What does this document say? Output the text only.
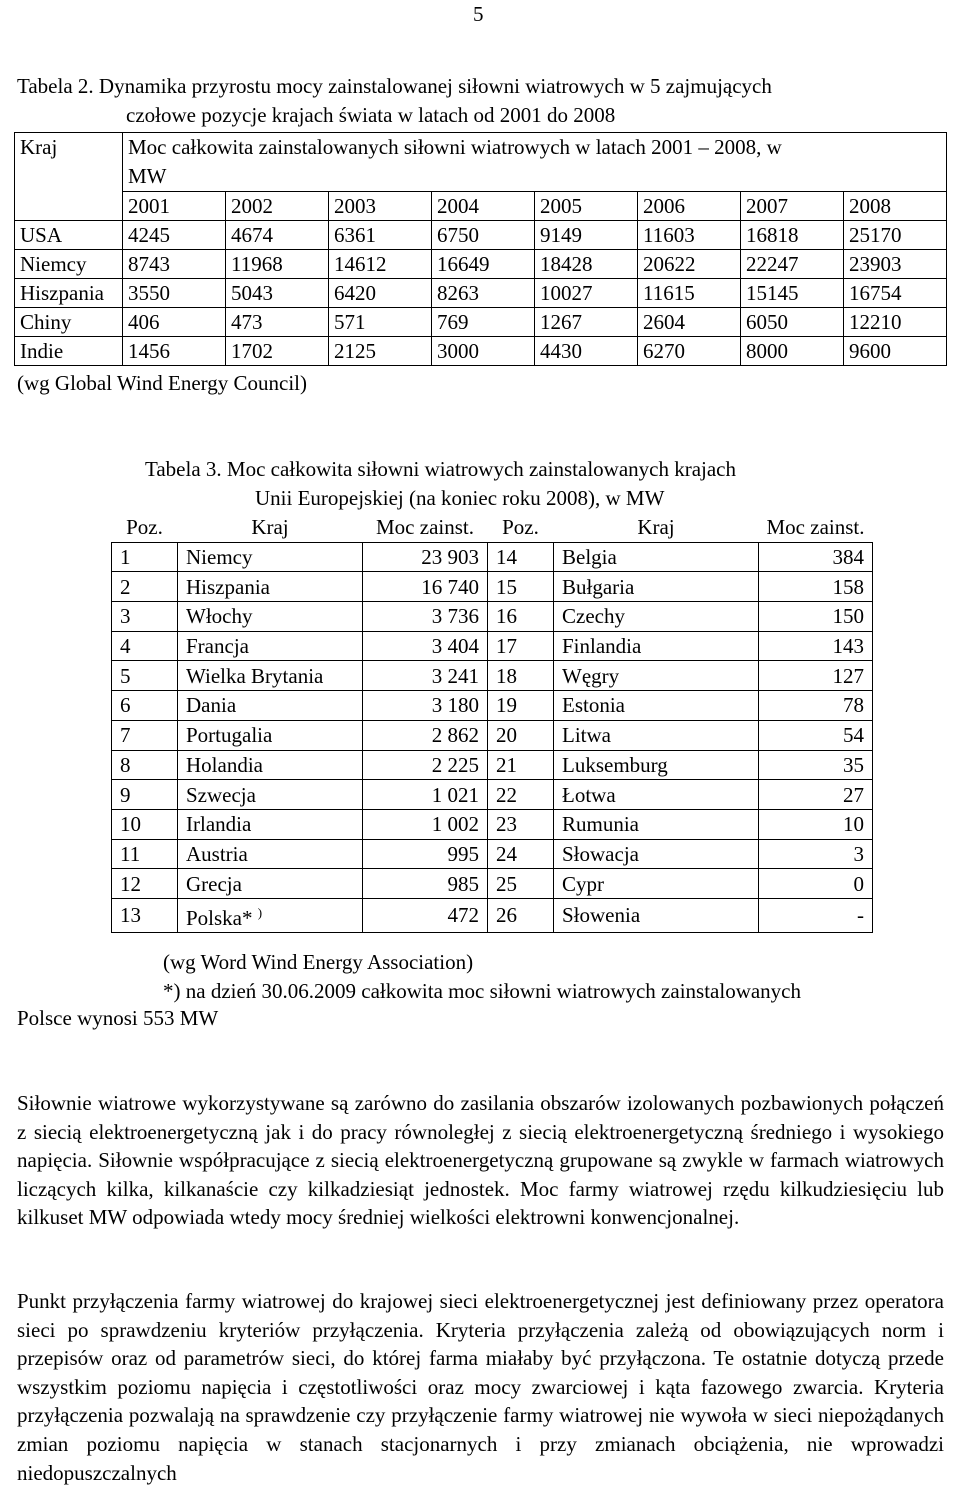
5
Tabela 2. Dynamika przyrostu mocy zainstalowanej siłowni wiatrowych w 5 zajmujących
czołowe pozycje krajach świata w latach od 2001 do 2008
Kraj	Moc całkowita zainstalowanych siłowni wiatrowych w latach 2001 – 2008, w
MW							
	2001	2002	2003	2004	2005	2006	2007	2008
USA	4245	4674	6361	6750	9149	11603	16818	25170
Niemcy	8743	11968	14612	16649	18428	20622	22247	23903
Hiszpania	3550	5043	6420	8263	10027	11615	15145	16754
Chiny	406	473	571	769	1267	2604	6050	12210
Indie	1456	1702	2125	3000	4430	6270	8000	9600
(wg Global Wind Energy Council)
Tabela 3. Moc całkowita siłowni wiatrowych zainstalowanych krajach
Unii Europejskiej (na koniec roku 2008), w MW
Poz.	Kraj	Moc zainst.	Poz.	Kraj	Moc zainst.
1	Niemcy	23 903	14	Belgia	384
2	Hiszpania	16 740	15	Bułgaria	158
3	Włochy	3 736	16	Czechy	150
4	Francja	3 404	17	Finlandia	143
5	Wielka Brytania	3 241	18	Węgry	127
6	Dania	3 180	19	Estonia	78
7	Portugalia	2 862	20	Litwa	54
8	Holandia	2 225	21	Luksemburg	35
9	Szwecja	1 021	22	Łotwa	27
10	Irlandia	1 002	23	Rumunia	10
11	Austria	995	24	Słowacja	3
12	Grecja	985	25	Cypr	0
13	Polska* )	472	26	Słowenia	-
(wg Word Wind Energy Association)
*) na dzień 30.06.2009 całkowita moc siłowni wiatrowych zainstalowanych
Polsce wynosi 553 MW
Siłownie wiatrowe wykorzystywane są zarówno do zasilania obszarów izolowanych pozbawionych połączeń z siecią elektroenergetyczną jak i do pracy równoległej z siecią elektroenergetyczną średniego i wysokiego napięcia. Siłownie współpracujące z siecią elektroenergetyczną grupowane są zwykle w farmach wiatrowych liczących kilka, kilkanaście czy kilkadziesiąt jednostek. Moc farmy wiatrowej rzędu kilkudziesięciu lub kilkuset MW odpowiada wtedy mocy średniej wielkości elektrowni konwencjonalnej.
Punkt przyłączenia farmy wiatrowej do krajowej sieci elektroenergetycznej jest definiowany przez operatora sieci po sprawdzeniu kryteriów przyłączenia. Kryteria przyłączenia zależą od obowiązujących norm i przepisów oraz od parametrów sieci, do której farma miałaby być przyłączona. Te ostatnie dotyczą przede wszystkim poziomu napięcia i częstotliwości oraz mocy zwarciowej i kąta fazowego zwarcia. Kryteria przyłączenia pozwalają na sprawdzenie czy przyłączenie farmy wiatrowej nie wywoła w sieci niepożądanych zmian poziomu napięcia w stanach stacjonarnych i przy zmianach obciążenia, nie wprowadzi niedopuszczalnych
